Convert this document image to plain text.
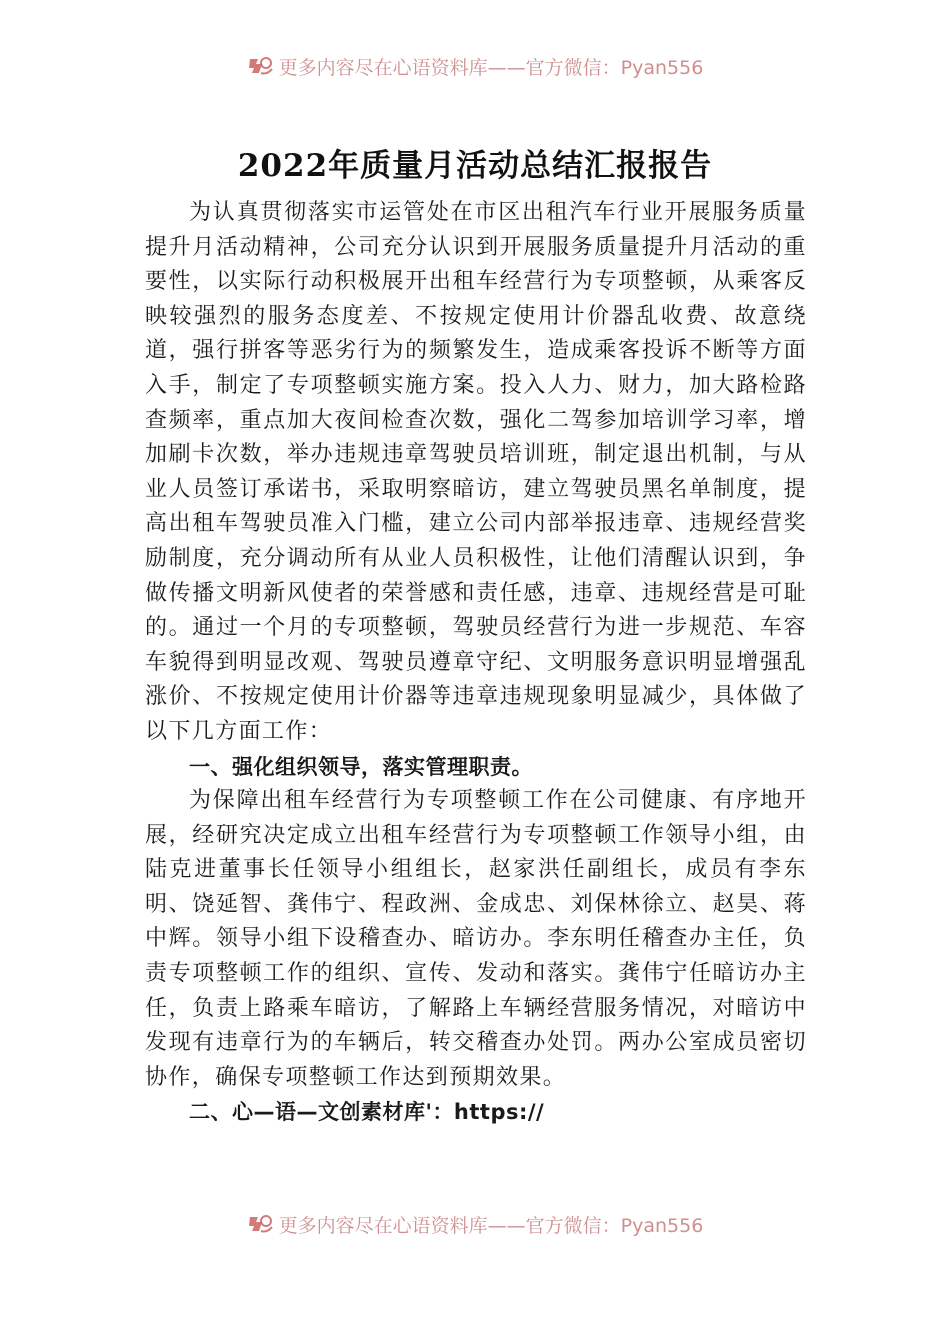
更多内容尽在心语资料库——官方微信：Pyan556
2022年质量月活动总结汇报报告

为认真贯彻落实市运管处在市区出租汽车行业开展服务质量提升月活动精神，公司充分认识到开展服务质量提升月活动的重要性，以实际行动积极展开出租车经营行为专项整顿，从乘客反映较强烈的服务态度差、不按规定使用计价器乱收费、故意绕道，强行拼客等恶劣行为的频繁发生，造成乘客投诉不断等方面入手，制定了专项整顿实施方案。投入人力、财力，加大路检路查频率，重点加大夜间检查次数，强化二驾参加培训学习率，增加刷卡次数，举办违规违章驾驶员培训班，制定退出机制，与从业人员签订承诺书，采取明察暗访，建立驾驶员黑名单制度，提高出租车驾驶员准入门槛，建立公司内部举报违章、违规经营奖励制度，充分调动所有从业人员积极性，让他们清醒认识到，争做传播文明新风使者的荣誉感和责任感，违章、违规经营是可耻的。通过一个月的专项整顿，驾驶员经营行为进一步规范、车容车貌得到明显改观、驾驶员遵章守纪、文明服务意识明显增强乱涨价、不按规定使用计价器等违章违规现象明显减少，具体做了以下几方面工作：

一、强化组织领导，落实管理职责。

为保障出租车经营行为专项整顿工作在公司健康、有序地开展，经研究决定成立出租车经营行为专项整顿工作领导小组，由陆克进董事长任领导小组组长，赵家洪任副组长，成员有李东明、饶延智、龚伟宁、程政洲、金成忠、刘保林徐立、赵昊、蒋中辉。领导小组下设稽查办、暗访办。李东明任稽查办主任，负责专项整顿工作的组织、宣传、发动和落实。龚伟宁任暗访办主任，负责上路乘车暗访，了解路上车辆经营服务情况，对暗访中发现有违章行为的车辆后，转交稽查办处罚。两办公室成员密切协作，确保专项整顿工作达到预期效果。

二、心—语—文创素材库'：https://

更多内容尽在心语资料库——官方微信：Pyan556
